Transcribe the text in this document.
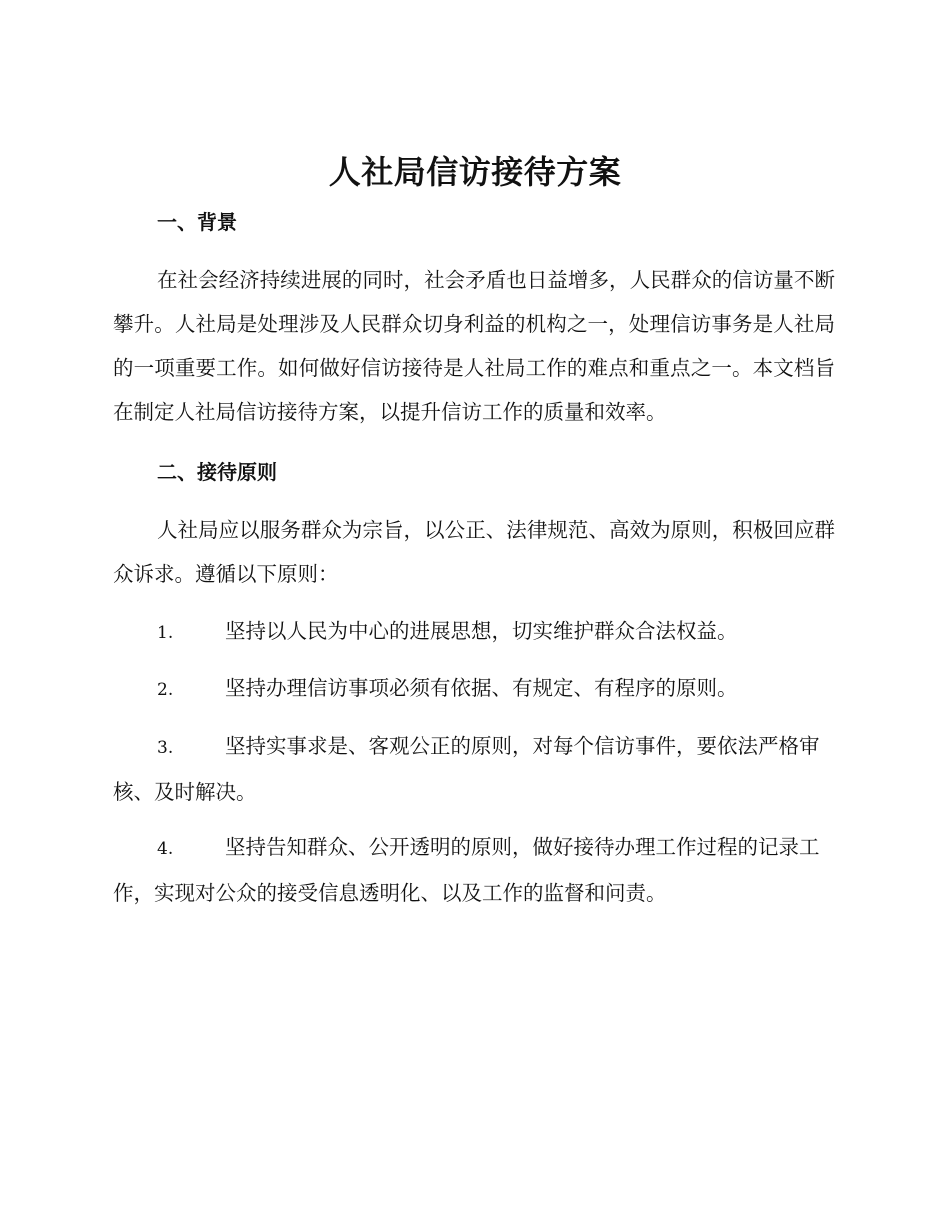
人社局信访接待方案
一、背景
在社会经济持续进展的同时，社会矛盾也日益增多，人民群众的信访量不断攀升。人社局是处理涉及人民群众切身利益的机构之一，处理信访事务是人社局的一项重要工作。如何做好信访接待是人社局工作的难点和重点之一。本文档旨在制定人社局信访接待方案，以提升信访工作的质量和效率。
二、接待原则
人社局应以服务群众为宗旨，以公正、法律规范、高效为原则，积极回应群众诉求。遵循以下原则：
1.	坚持以人民为中心的进展思想，切实维护群众合法权益。
2.	坚持办理信访事项必须有依据、有规定、有程序的原则。
3.	坚持实事求是、客观公正的原则，对每个信访事件，要依法严格审核、及时解决。
4.	坚持告知群众、公开透明的原则，做好接待办理工作过程的记录工作，实现对公众的接受信息透明化、以及工作的监督和问责。
